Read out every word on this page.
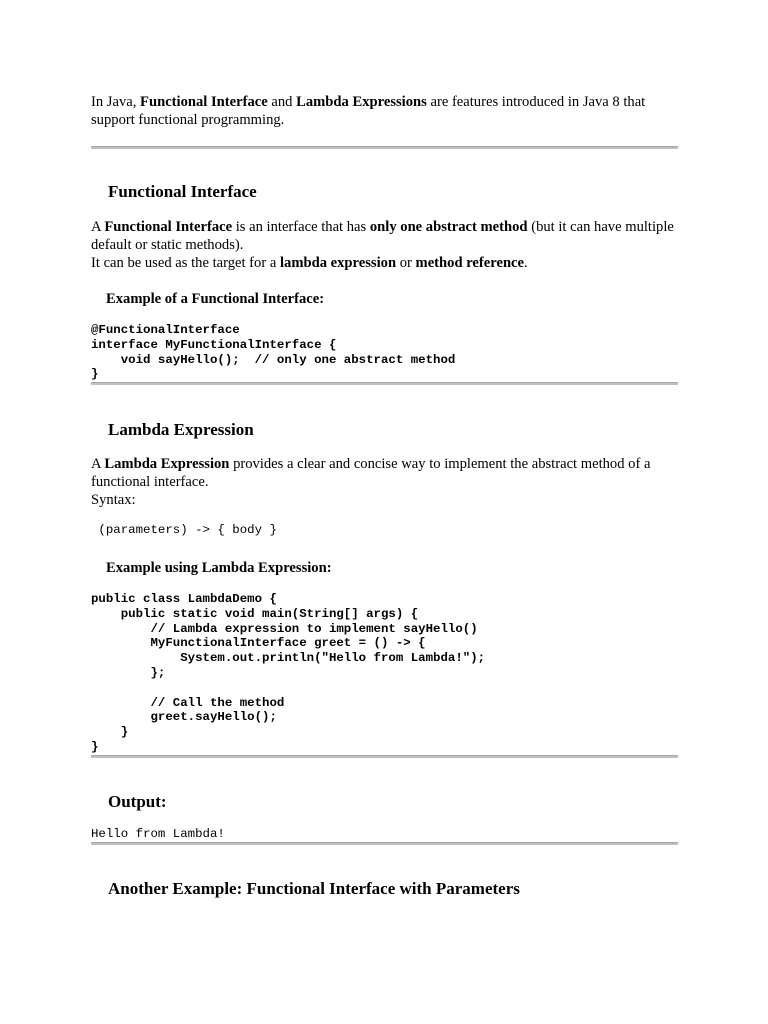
In Java, Functional Interface and Lambda Expressions are features introduced in Java 8 that support functional programming.

Functional Interface

A Functional Interface is an interface that has only one abstract method (but it can have multiple default or static methods).

It can be used as the target for a lambda expression or method reference.

Example of a Functional Interface:
@FunctionalInterface
interface MyFunctionalInterface {
void sayHello();  // only one abstract method
}
Lambda Expression

A Lambda Expression provides a clear and concise way to implement the abstract method of a functional interface.

Syntax:

(parameters) -> { body }
Example using Lambda Expression:
public class LambdaDemo {
public static void main(String[] args) {
// Lambda expression to implement sayHello()
MyFunctionalInterface greet = () -> {
System.out.println("Hello from Lambda!");
};

// Call the method
greet.sayHello();
}
}
Output:
Hello from Lambda!
Another Example: Functional Interface with Parameters
